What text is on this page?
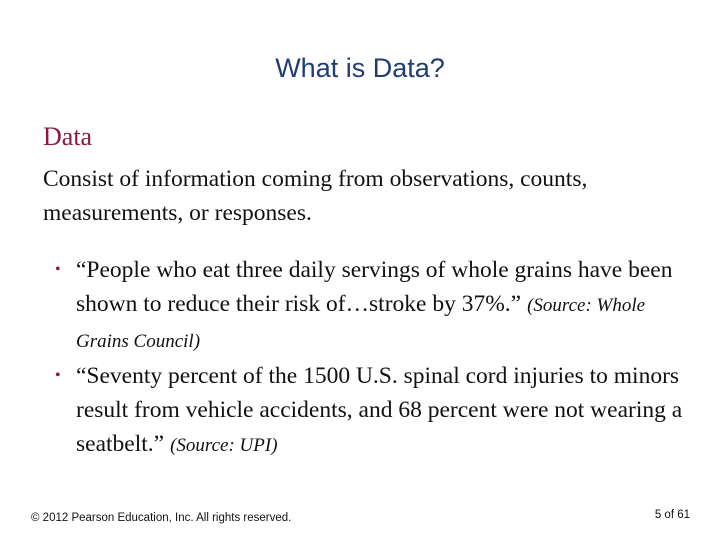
What is Data?
Data
Consist of information coming from observations, counts, measurements, or responses.
• “People who eat three daily servings of whole grains have been shown to reduce their risk of…stroke by 37%.” (Source: Whole Grains Council)
• “Seventy percent of the 1500 U.S. spinal cord injuries to minors result from vehicle accidents, and 68 percent were not wearing a seatbelt.” (Source: UPI)
© 2012 Pearson Education, Inc. All rights reserved.	5 of 61
